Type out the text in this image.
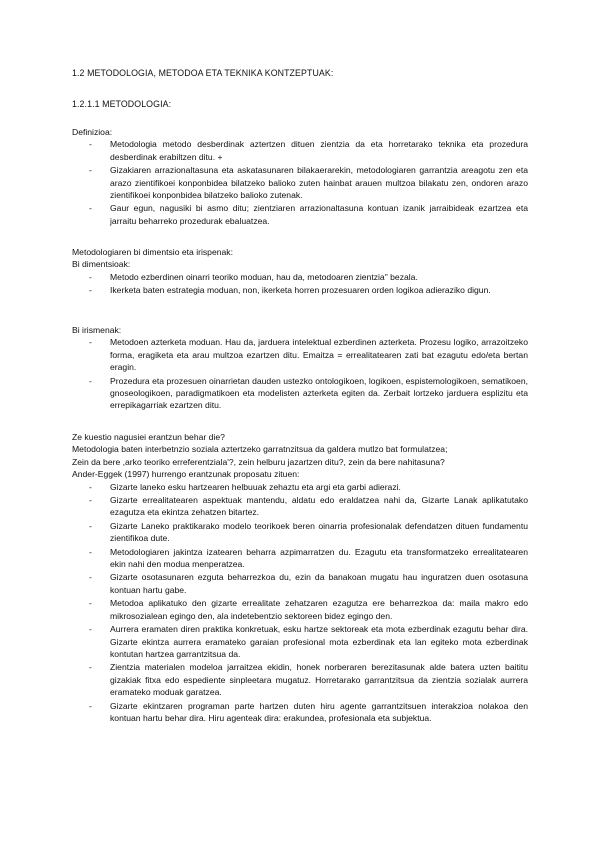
1.2 METODOLOGIA, METODOA ETA TEKNIKA KONTZEPTUAK:
1.2.1.1 METODOLOGIA:
Definizioa:
- Metodologia metodo desberdinak aztertzen dituen zientzia da eta horretarako teknika eta prozedura desberdinak erabiltzen ditu. +
- Gizakiaren arrazionaltasuna eta askatasunaren bilakaerarekin, metodologiaren garrantzia areagotu zen eta arazo zientifikoei konponbidea bilatzeko balioko zuten hainbat arauen multzoa bilakatu zen, ondoren arazo zientifikoei konponbidea bilatzeko balioko zutenak.
- Gaur egun, nagusiki bi asmo ditu; zientziaren arrazionaltasuna kontuan izanik jarraibideak ezartzea eta jarraitu beharreko prozedurak ebaluatzea.
Metodologiaren bi dimentsio eta irispenak:
Bi dimentsioak:
- Metodo ezberdinen oinarri teoriko moduan, hau da, metodoaren zientzia" bezala.
- Ikerketa baten estrategia moduan, non, ikerketa horren prozesuaren orden logikoa adieraziko digun.
Bi irismenak:
- Metodoen azterketa moduan. Hau da, jarduera intelektual ezberdinen azterketa. Prozesu logiko, arrazoitzeko forma, eragiketa eta arau multzoa ezartzen ditu. Emaitza = errealitatearen zati bat ezagutu edo/eta bertan eragin.
- Prozedura eta prozesuen oinarrietan dauden ustezko ontologikoen, logikoen, espistemologikoen, sematikoen, gnoseologikoen, paradigmatikoen eta modelisten azterketa egiten da. Zerbait lortzeko jarduera esplizitu eta errepikagarriak ezartzen ditu.
Ze kuestio nagusiei erantzun behar die?
Metodologia baten interbetnzio soziala aztertzeko garratnzitsua da galdera mutlzo bat formulatzea;
Zein da bere ,arko teoriko erreferentziala'?, zein helburu jazartzen ditu?, zein da bere nahitasuna?
Ander-Eggek (1997) hurrengo erantzunak proposatu zituen:
- Gizarte laneko esku hartzearen helbuuak zehaztu eta argi eta garbi adierazi.
- Gizarte errealitatearen aspektuak mantendu, aldatu edo eraldatzea nahi da, Gizarte Lanak aplikatutako ezagutza eta ekintza zehatzen bitartez.
- Gizarte Laneko praktikarako modelo teorikoek beren oinarria profesionalak defendatzen dituen fundamentu zientifikoa dute.
- Metodologiaren jakintza izatearen beharra azpimarratzen du. Ezagutu eta transformatzeko errealitatearen ekin nahi den modua menperatzea.
- Gizarte osotasunaren ezguta beharrezkoa du, ezin da banakoan mugatu hau inguratzen duen osotasuna kontuan hartu gabe.
- Metodoa aplikatuko den gizarte errealitate zehatzaren ezagutza ere beharrezkoa da: maila makro edo mikrosozialean egingo den, ala indetebentzio sektoreen bidez egingo den.
- Aurrera eramaten diren praktika konkretuak, esku hartze sektoreak eta mota ezberdinak ezagutu behar dira. Gizarte ekintza aurrera eramateko garaian profesional mota ezberdinak eta lan egiteko mota ezberdinak kontutan hartzea garrantzitsua da.
- Zientzia materialen modeloa jarraitzea ekidin, honek norberaren berezitasunak alde batera uzten baititu gizakiak fitxa edo espediente sinpleetara mugatuz. Horretarako garrantzitsua da zientzia sozialak aurrera eramateko moduak garatzea.
- Gizarte ekintzaren programan parte hartzen duten hiru agente garrantzitsuen interakzioa nolakoa den kontuan hartu behar dira. Hiru agenteak dira: erakundea, profesionala eta subjektua.
